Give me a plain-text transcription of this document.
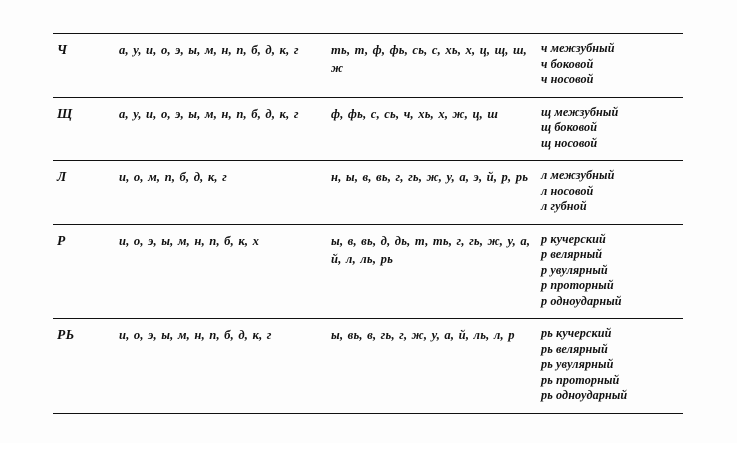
Ч	а, у, и, о, э, ы, м, н, п, б, д, к, г	ть, т, ф, фь, сь, с, хь, х, ц, щ, ш, ж	ч межзубный
ч боковой
ч носовой

Щ	а, у, и, о, э, ы, м, н, п, б, д, к, г	ф, фь, с, сь, ч, хь, х, ж, ц, ш	щ межзубный
щ боковой
щ носовой

Л	и, о, м, п, б, д, к, г	н, ы, в, вь, г, гь, ж, у, а, э, й, р, рь	л межзубный
л носовой
л губной

Р	и, о, э, ы, м, н, п, б, к, х	ы, в, вь, д, дь, т, ть, г, гь, ж, у, а, й, л, ль, рь	р кучерский
р велярный
р увулярный
р проторный
р одноударный

РЬ	и, о, э, ы, м, н, п, б, д, к, г	ы, вь, в, гь, г, ж, у, а, й, ль, л, р	рь кучерский
рь велярный
рь увулярный
рь проторный
рь одноударный
